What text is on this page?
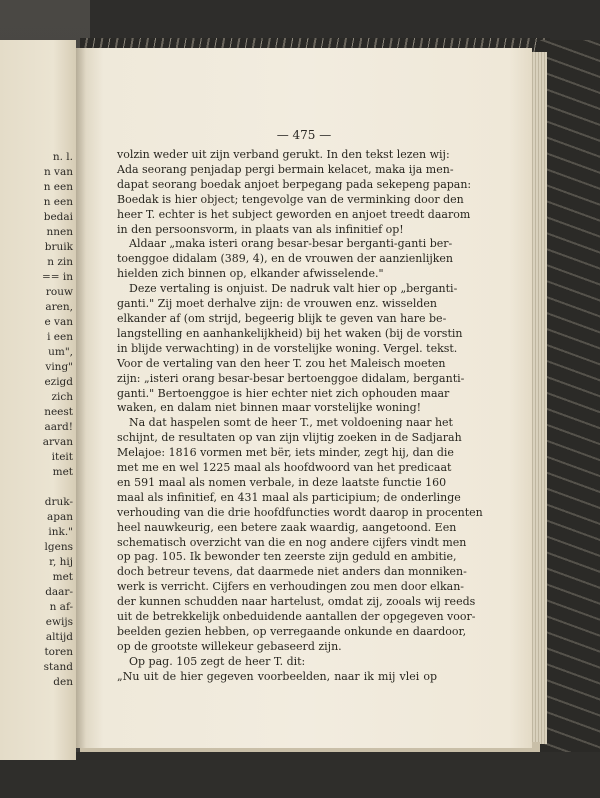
n. l.
n van
n een
n een
bedai
nnen
bruik
n zin
== in
rouw
aren,
e van
i een
um",
ving"
ezigd
zich
neest
aard!
arvan
iteit
met
druk-
apan
ink."
lgens
r, hij
met
daar-
n af-
ewijs
altijd
toren
stand
den
— 475 —
volzin weder uit zijn verband gerukt. In den tekst lezen wij:
Ada seorang penjadap pergi bermain kelacet, maka ija men-
dapat seorang boedak anjoet berpegang pada sekepeng papan:
Boedak is hier object; tengevolge van de verminking door den
heer T. echter is het subject geworden en anjoet treedt daarom
in den persoonsvorm, in plaats van als infinitief op!
Aldaar „maka isteri orang besar-besar berganti-ganti ber-
toenggoe didalam (389, 4), en de vrouwen der aanzienlijken
hielden zich binnen op, elkander afwisselende."
Deze vertaling is onjuist. De nadruk valt hier op „berganti-
ganti." Zij moet derhalve zijn: de vrouwen enz. wisselden
elkander af (om strijd, begeerig blijk te geven van hare be-
langstelling en aanhankelijkheid) bij het waken (bij de vorstin
in blijde verwachting) in de vorstelijke woning. Vergel. tekst.
Voor de vertaling van den heer T. zou het Maleisch moeten
zijn: „isteri orang besar-besar bertoenggoe didalam, berganti-
ganti." Bertoenggoe is hier echter niet zich ophouden maar
waken, en dalam niet binnen maar vorstelijke woning!
Na dat haspelen somt de heer T., met voldoening naar het
schijnt, de resultaten op van zijn vlijtig zoeken in de Sadjarah
Melajoe: 1816 vormen met bër, iets minder, zegt hij, dan die
met me en wel 1225 maal als hoofdwoord van het predicaat
en 591 maal als nomen verbale, in deze laatste functie 160
maal als infinitief, en 431 maal als participium; de onderlinge
verhouding van die drie hoofdfuncties wordt daarop in procenten
heel nauwkeurig, een betere zaak waardig, aangetoond. Een
schematisch overzicht van die en nog andere cijfers vindt men
op pag. 105. Ik bewonder ten zeerste zijn geduld en ambitie,
doch betreur tevens, dat daarmede niet anders dan monniken-
werk is verricht. Cijfers en verhoudingen zou men door elkan-
der kunnen schudden naar hartelust, omdat zij, zooals wij reeds
uit de betrekkelijk onbeduidende aantallen der opgegeven voor-
beelden gezien hebben, op verregaande onkunde en daardoor,
op de grootste willekeur gebaseerd zijn.
Op pag. 105 zegt de heer T. dit:
„Nu uit de hier gegeven voorbeelden, naar ik mij vlei op
